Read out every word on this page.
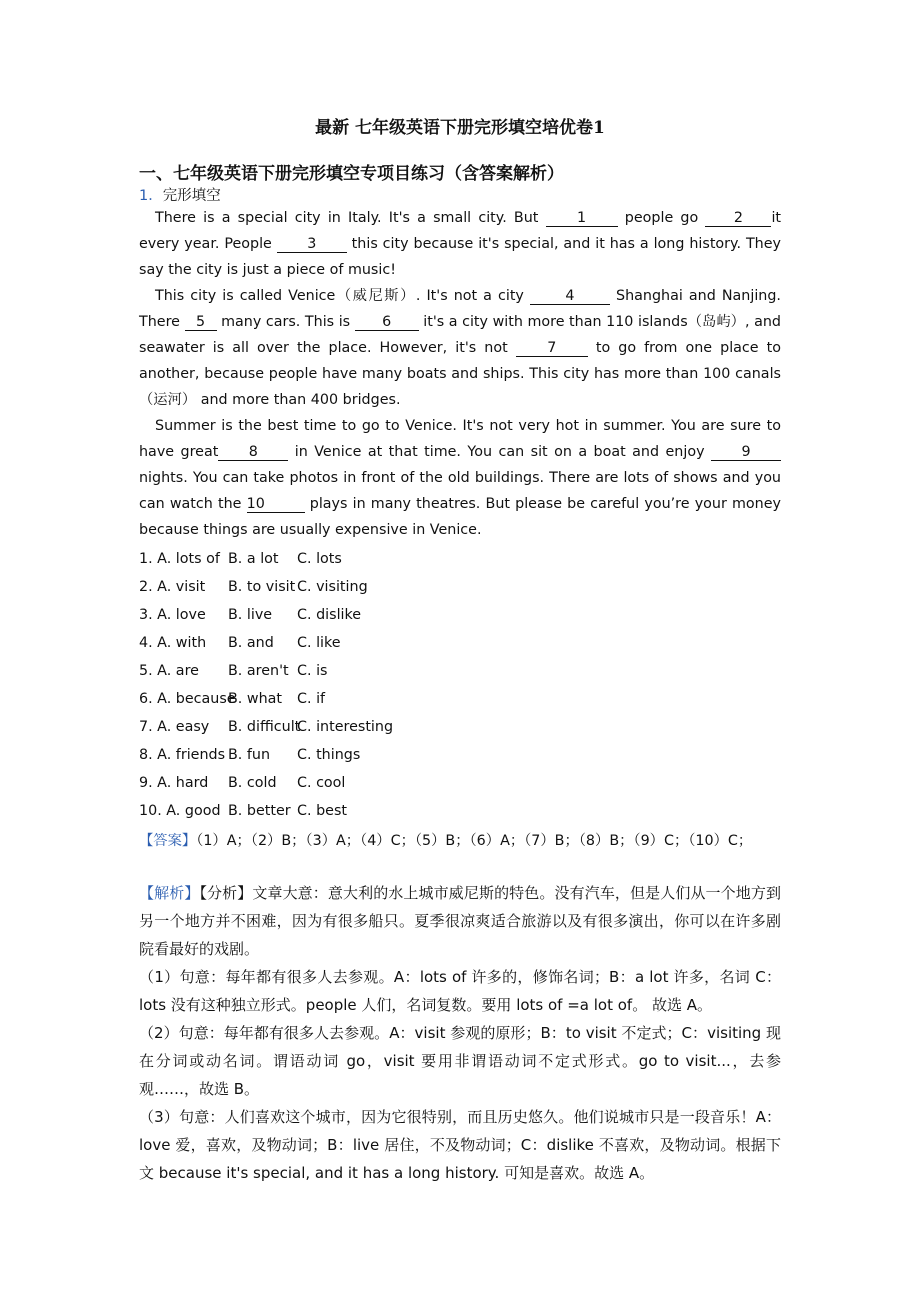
最新 七年级英语下册完形填空培优卷1
一、七年级英语下册完形填空专项目练习（含答案解析）
1．完形填空

There is a special city in Italy. It's a small city. But 1 people go 2 it every year. People 3 this city because it's special, and it has a long history. They say the city is just a piece of music!

This city is called Venice（威尼斯）. It's not a city 4 Shanghai and Nanjing. There 5 many cars. This is 6 it's a city with more than 110 islands（岛屿）, and seawater is all over the place. However, it's not 7 to go from one place to another, because people have many boats and ships. This city has more than 100 canals（运河） and more than 400 bridges.

Summer is the best time to go to Venice. It's not very hot in summer. You are sure to have great 8 in Venice at that time. You can sit on a boat and enjoy 9nights. You can take photos in front of the old buildings. There are lots of shows and you can watch the 10	plays in many theatres. But please be careful you’re your money because things are usually expensive in Venice.

1. A. lots of B. a lot C. lots
2. A. visit B. to visit C. visiting
3. A. love B. live C. dislike
4. A. with B. and C. like
5. A. are B. aren't C. is
6. A. because
B. what C. if
7. A. easy B. difficult
C. interesting
8. A. friends B. fun C. things
9. A. hard B. cold C. cool
10. A. good B. better C. best
【答案】（1）A；（2）B；（3）A；（4）C；（5）B；（6）A；（7）B；（8）B；（9）C；（10）C；

【解析】【分析】文章大意：意大利的水上城市威尼斯的特色。没有汽车，但是人们从一个地方到另一个地方并不困难，因为有很多船只。夏季很凉爽适合旅游以及有很多演出，你可以在许多剧院看最好的戏剧。

（1）句意：每年都有很多人去参观。A：lots of 许多的，修饰名词；B：a lot 许多，名词 C：lots 没有这种独立形式。people 人们，名词复数。要用 lots of =a lot of。 故选 A。

（2）句意：每年都有很多人去参观。A：visit 参观的原形；B：to visit 不定式；C：visiting 现在分词或动名词。谓语动词 go，visit 要用非谓语动词不定式形式。go to visit...，去参观……，故选 B。

（3）句意：人们喜欢这个城市，因为它很特别，而且历史悠久。他们说城市只是一段音乐！A：love 爱，喜欢，及物动词；B：live 居住，不及物动词；C：dislike 不喜欢，及物动词。根据下文 because it's special, and it has a long history. 可知是喜欢。故选 A。
